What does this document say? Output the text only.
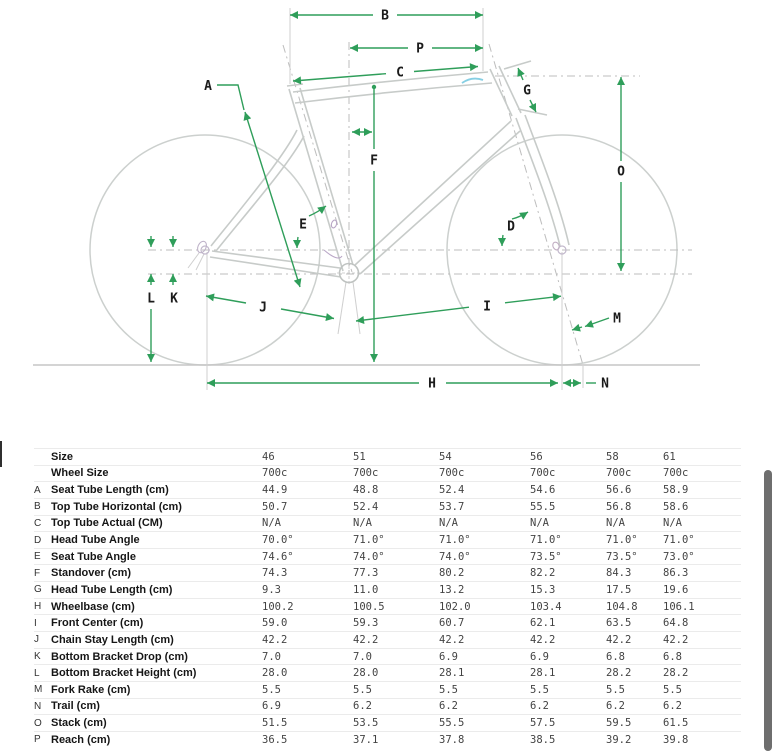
A
B
P
C
F
G
O
E	D
L K
J	I
M
H	N
	Size	46	51	54	56	58	61
	Wheel Size	700c	700c	700c	700c	700c	700c
A	Seat Tube Length (cm)	44.9	48.8	52.4	54.6	56.6	58.9
B	Top Tube Horizontal (cm)	50.7	52.4	53.7	55.5	56.8	58.6
C	Top Tube Actual (CM)	N/A	N/A	N/A	N/A	N/A	N/A
D	Head Tube Angle	70.0°	71.0°	71.0°	71.0°	71.0°	71.0°
E	Seat Tube Angle	74.6°	74.0°	74.0°	73.5°	73.5°	73.0°
F	Standover (cm)	74.3	77.3	80.2	82.2	84.3	86.3
G	Head Tube Length (cm)	9.3	11.0	13.2	15.3	17.5	19.6
H	Wheelbase (cm)	100.2	100.5	102.0	103.4	104.8	106.1
I	Front Center (cm)	59.0	59.3	60.7	62.1	63.5	64.8
J	Chain Stay Length (cm)	42.2	42.2	42.2	42.2	42.2	42.2
K	Bottom Bracket Drop (cm)	7.0	7.0	6.9	6.9	6.8	6.8
L	Bottom Bracket Height (cm)	28.0	28.0	28.1	28.1	28.2	28.2
M	Fork Rake (cm)	5.5	5.5	5.5	5.5	5.5	5.5
N	Trail (cm)	6.9	6.2	6.2	6.2	6.2	6.2
O	Stack (cm)	51.5	53.5	55.5	57.5	59.5	61.5
P	Reach (cm)	36.5	37.1	37.8	38.5	39.2	39.8
